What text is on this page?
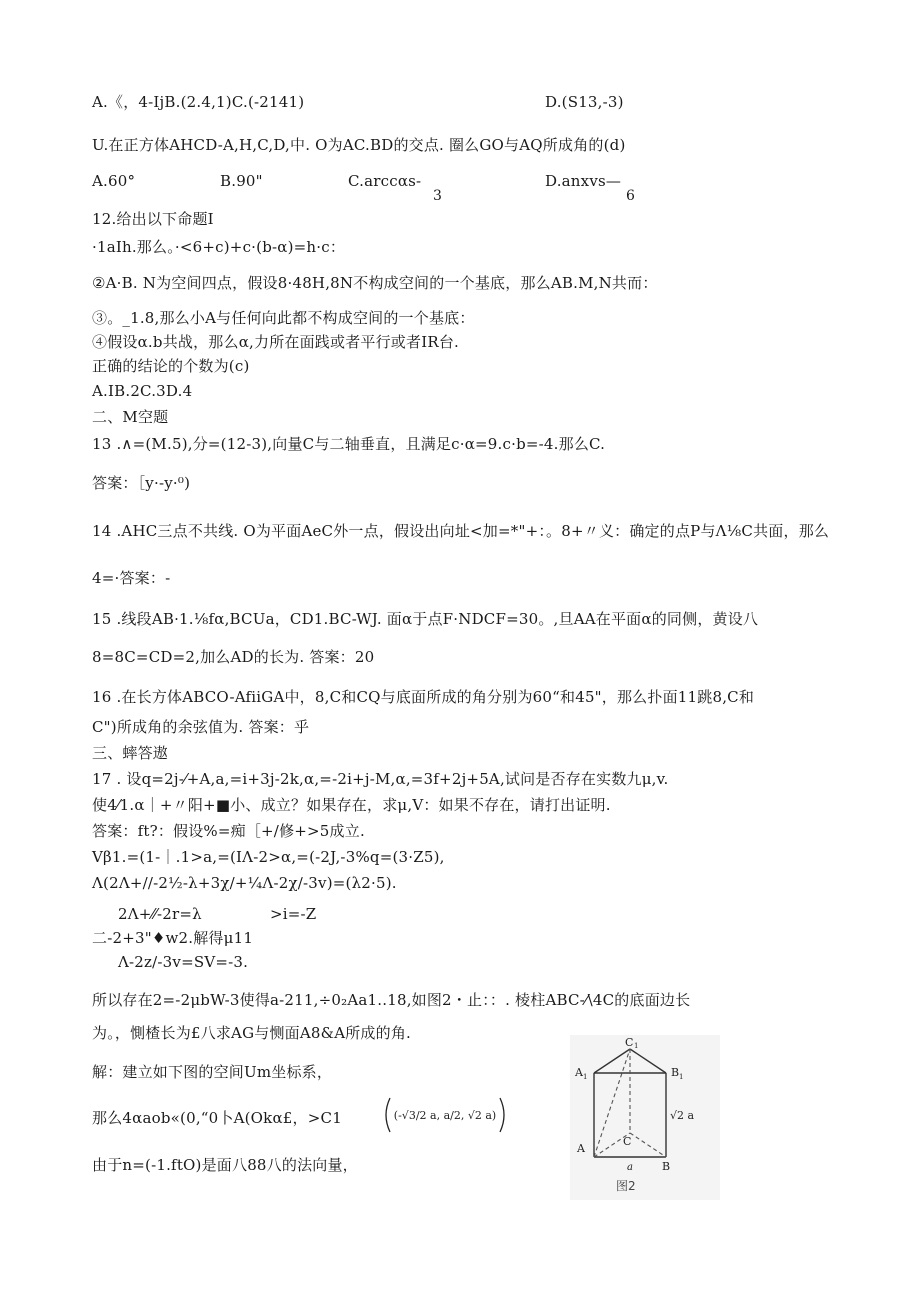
A.《，4-IjB.(2.4,1)C.(-2141)	D.(S13,-3)
U.在正方体AHCD-A,H,C,D,中. O为AC.BD的交点. 圈么GO与AQ所成角的(d)
A.60°	B.90"	C.arccαs-	D.anxvs—
3	6
12.给出以下命题I
·1aIh.那么。·<6+c)+c·(b-α)=h·c：
②A·B. N为空间四点，假设8·48H,8N不构成空间的一个基底，那么AB.M,N共而：
③。_1.8,那么小A与任何向此都不构成空间的一个基底：
④假设α.b共战，那么α,力所在面践或者平行或者IR台.
正确的结论的个数为(c)
A.IB.2C.3D.4
二、M空题
13 .∧=(M.5),分=(12-3),向量C与二轴垂直，且满足c·α=9.c·b=-4.那么C.
答案：［y·-y·⁰)
14 .AHC三点不共线. O为平面AeC外一点，假设出向址<加=*"+：。8+〃义：确定的点P与Λ⅛C共面，那么
4=·答案：-
15 .线段AB·1.⅛fα,BCUa，CD1.BC-WJ. 面α于点F·NDCF=30。,旦AA在平面α的同侧，黄设八
8=8C=CD=2,加么AD的长为. 答案：20
16 .在长方体ABCO-AfiiGA中，8,C和CQ与底面所成的角分别为60“和45"，那么扑面11跳8,C和
C")所成角的余弦值为. 答案：乎
三、蟀答遨
17 . 设q=2j-⁄+A,a,=i+3j-2k,α,=-2i+j-M,α,=3f+2j+5A,试问是否存在实数九μ,v.
使4⁄1.α｜+〃阳+■小、成立？如果存在，求μ,V：如果不存在，请打出证明.
答案：ft?：假设%=痴［+/修+>5成立.
Vβ1.=(1-｜.1>a,=(IΛ-2>α,=(-2J,-3%q=(3·Z5),
Λ(2Λ+//-2½-λ+3χ/+¼Λ-2χ∕-3v)=(λ2·5).
2Λ+⁄⁄-2r=λ	>i=-Z
二-2+3"♦w2.解得μ11
Λ-2z∕-3v=SV=-3.
所以存在2=-2μbW-3使得a-211,÷0₂Aa1..18,如图2・止：：. 棱柱ABC-⁄\4C的底面边长
为。，惻楂长为£八求AG与恻面A8&A所成的角.
解：建立如下图的空间Um坐标系，
那么4αaob«(0,“0卜A(Okα£，>C1
由于n=(-1.ftO)是面八88八的法向量，
(-√3/2 a, a/2, √2 a)
C 1
A 1	B 1
A
C
B
a
√2 a
图2
